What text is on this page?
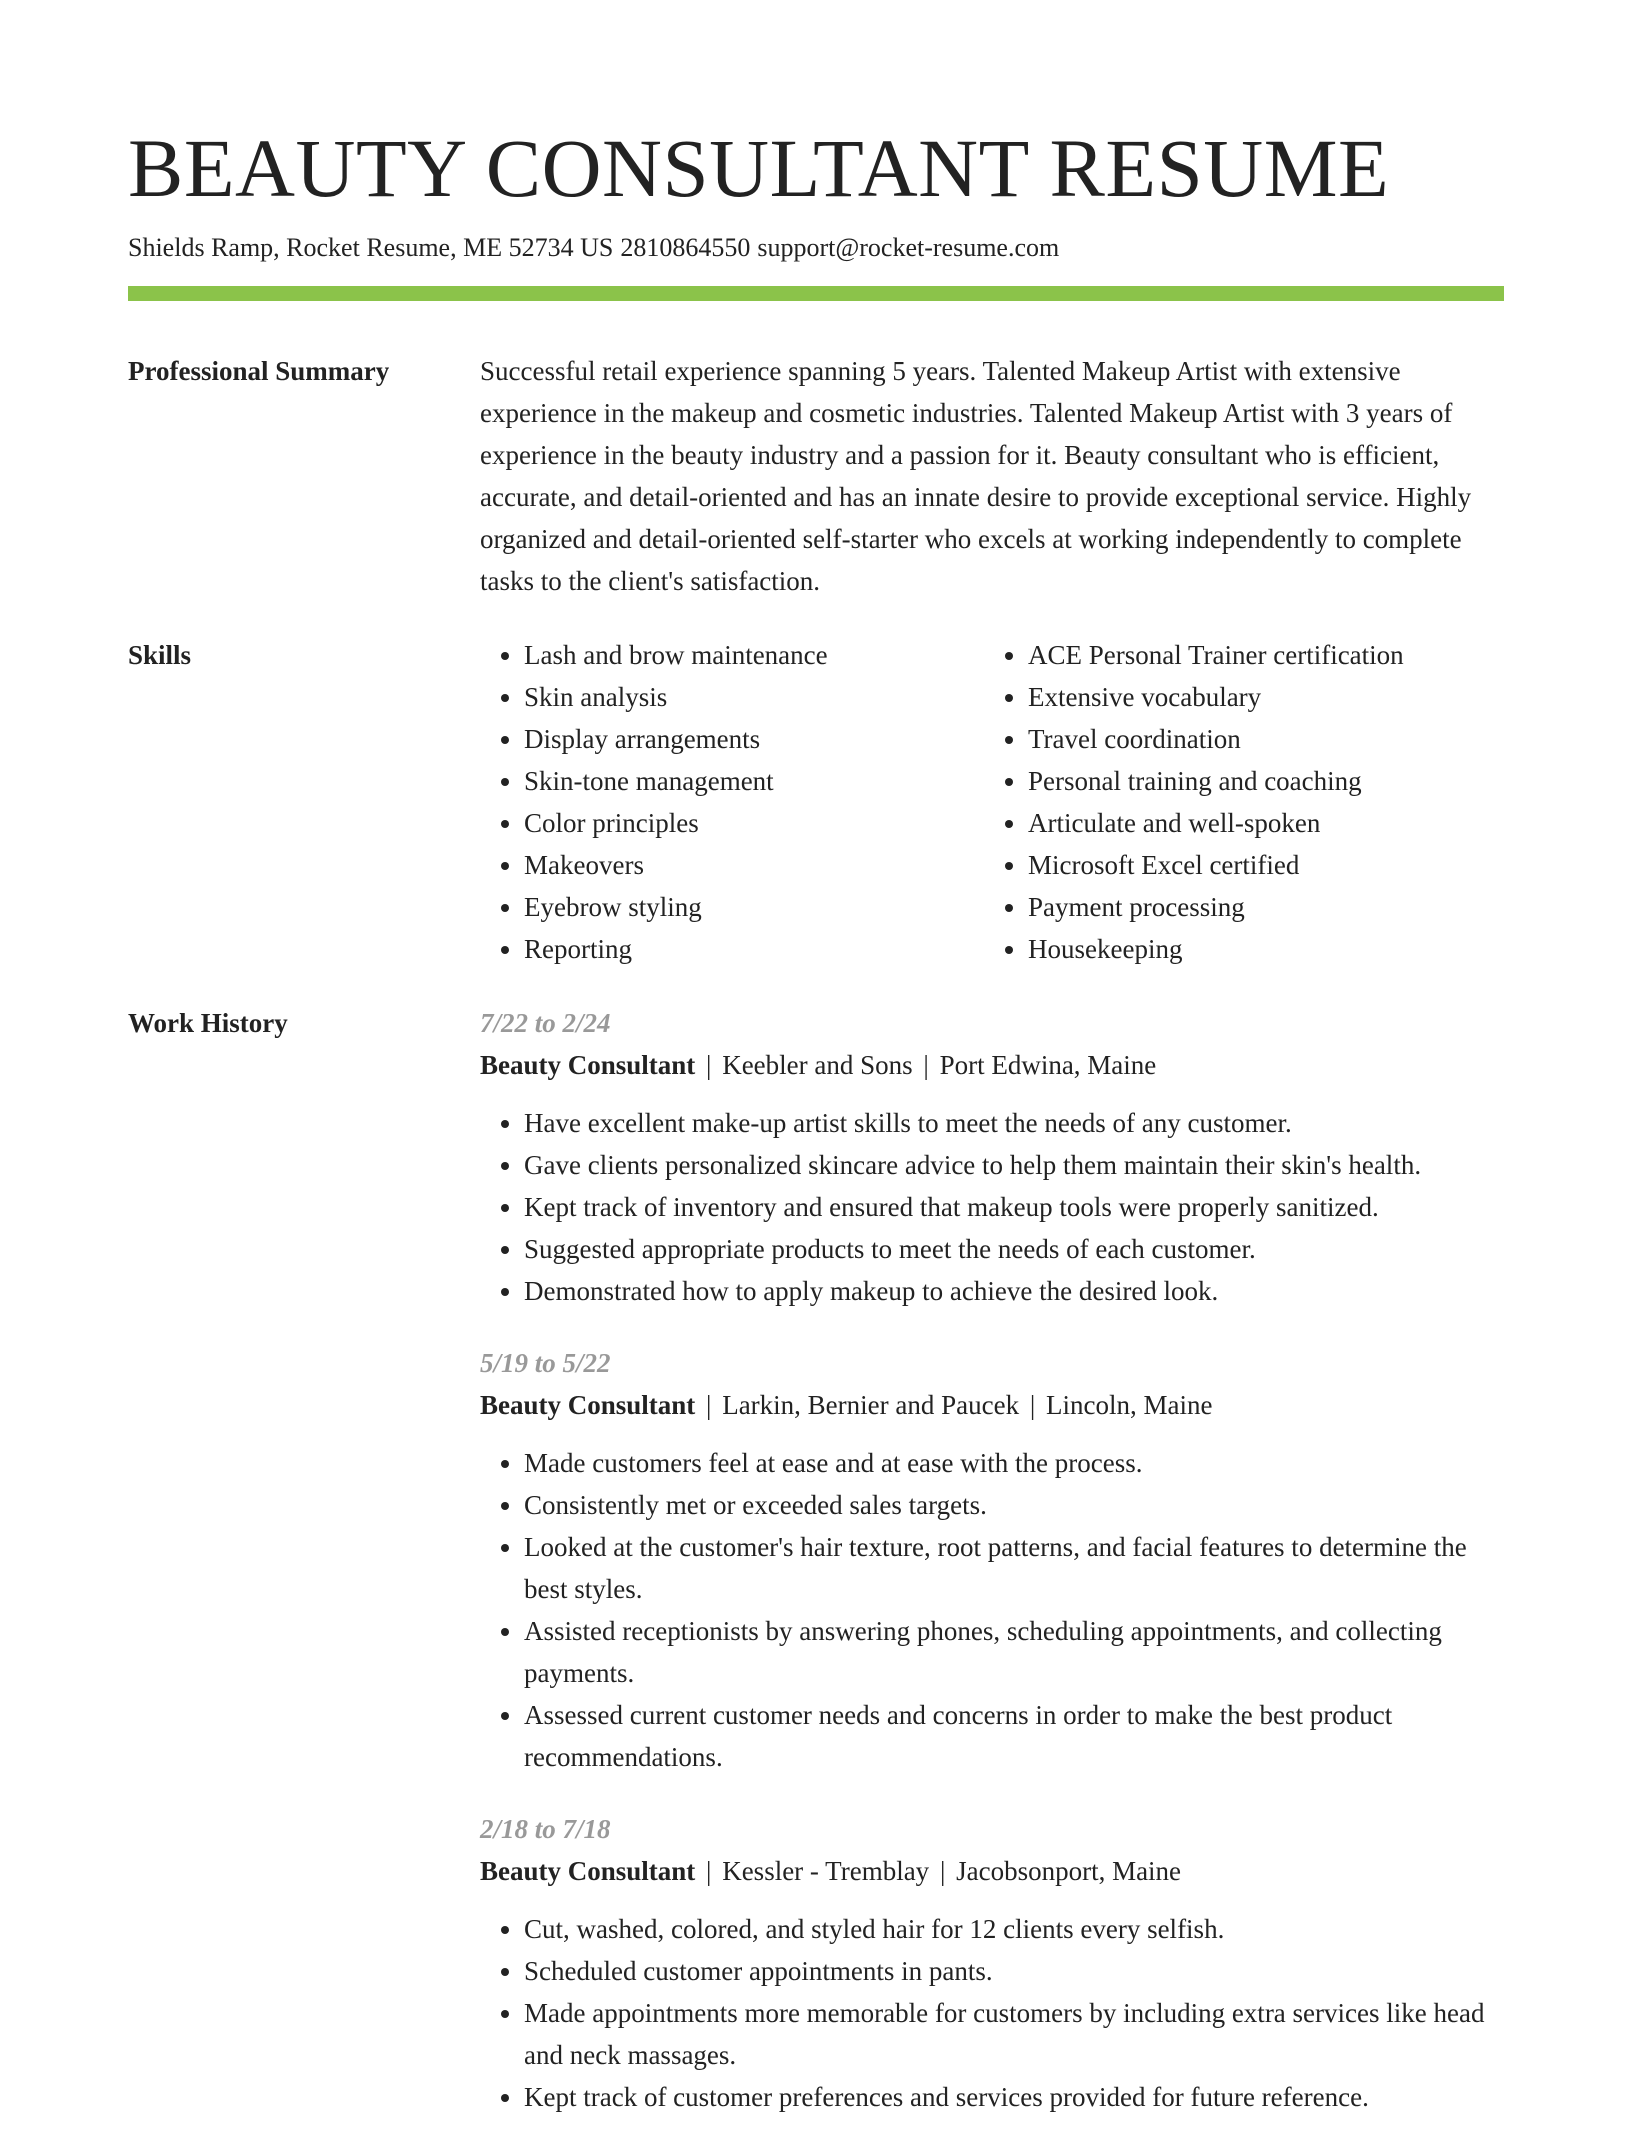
BEAUTY CONSULTANT RESUME
Shields Ramp, Rocket Resume, ME 52734 US 2810864550 support@rocket-resume.com
Professional Summary	Successful retail experience spanning 5 years. Talented Makeup Artist with extensive experience in the makeup and cosmetic industries. Talented Makeup Artist with 3 years of experience in the beauty industry and a passion for it. Beauty consultant who is efficient, accurate, and detail-oriented and has an innate desire to provide exceptional service. Highly organized and detail-oriented self-starter who excels at working independently to complete tasks to the client's satisfaction.

Skills
•	Lash and brow maintenance
• Skin analysis
• Display arrangements
• Skin-tone management
• Color principles
• Makeovers
• Eyebrow styling
• Reporting
• ACE Personal Trainer certification
• Extensive vocabulary
• Travel coordination
• Personal training and coaching
• Articulate and well-spoken
• Microsoft Excel certified
• Payment processing
• Housekeeping
Work History	7/22 to 2/24
Beauty Consultant | Keebler and Sons | Port Edwina, Maine
• Have excellent make-up artist skills to meet the needs of any customer.
• Gave clients personalized skincare advice to help them maintain their skin's health.
• Kept track of inventory and ensured that makeup tools were properly sanitized.
• Suggested appropriate products to meet the needs of each customer.
• Demonstrated how to apply makeup to achieve the desired look.
5/19 to 5/22
Beauty Consultant | Larkin, Bernier and Paucek | Lincoln, Maine
• Made customers feel at ease and at ease with the process.
• Consistently met or exceeded sales targets.
• Looked at the customer's hair texture, root patterns, and facial features to determine the best styles.
• Assisted receptionists by answering phones, scheduling appointments, and collecting payments.
• Assessed current customer needs and concerns in order to make the best product recommendations.
2/18 to 7/18
Beauty Consultant | Kessler - Tremblay | Jacobsonport, Maine
• Cut, washed, colored, and styled hair for 12 clients every selfish.
• Scheduled customer appointments in pants.
• Made appointments more memorable for customers by including extra services like head and neck massages.
• Kept track of customer preferences and services provided for future reference.
